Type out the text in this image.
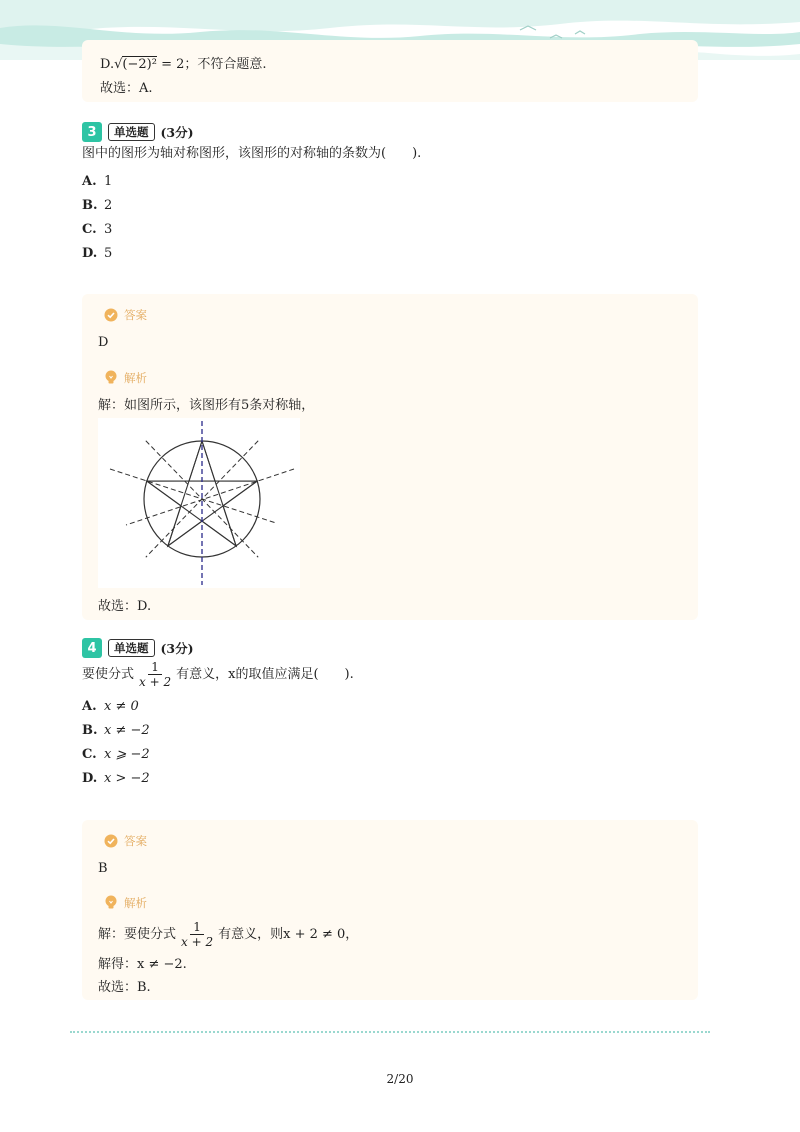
D.√(−2)² = 2；不符合题意.
故选：A.
3	单选题 (3分)
图中的图形为轴对称图形，该图形的对称轴的条数为(　　).
A. 1
B. 2
C. 3
D. 5
答案
D
解析
解：如图所示，该图形有5条对称轴，
故选：D.
4	单选题 (3分)
要使分式 $\frac{1}{x + 2}$ 有意义，x的取值应满足(　　).
A. x ≠ 0
B. x ≠ −2
C. x ⩾ −2
D. x > −2
答案
B
解析
解：要使分式 $\frac{1}{x + 2}$ 有意义，则x + 2 ≠ 0，
解得：x ≠ −2.
故选：B.
2/20
